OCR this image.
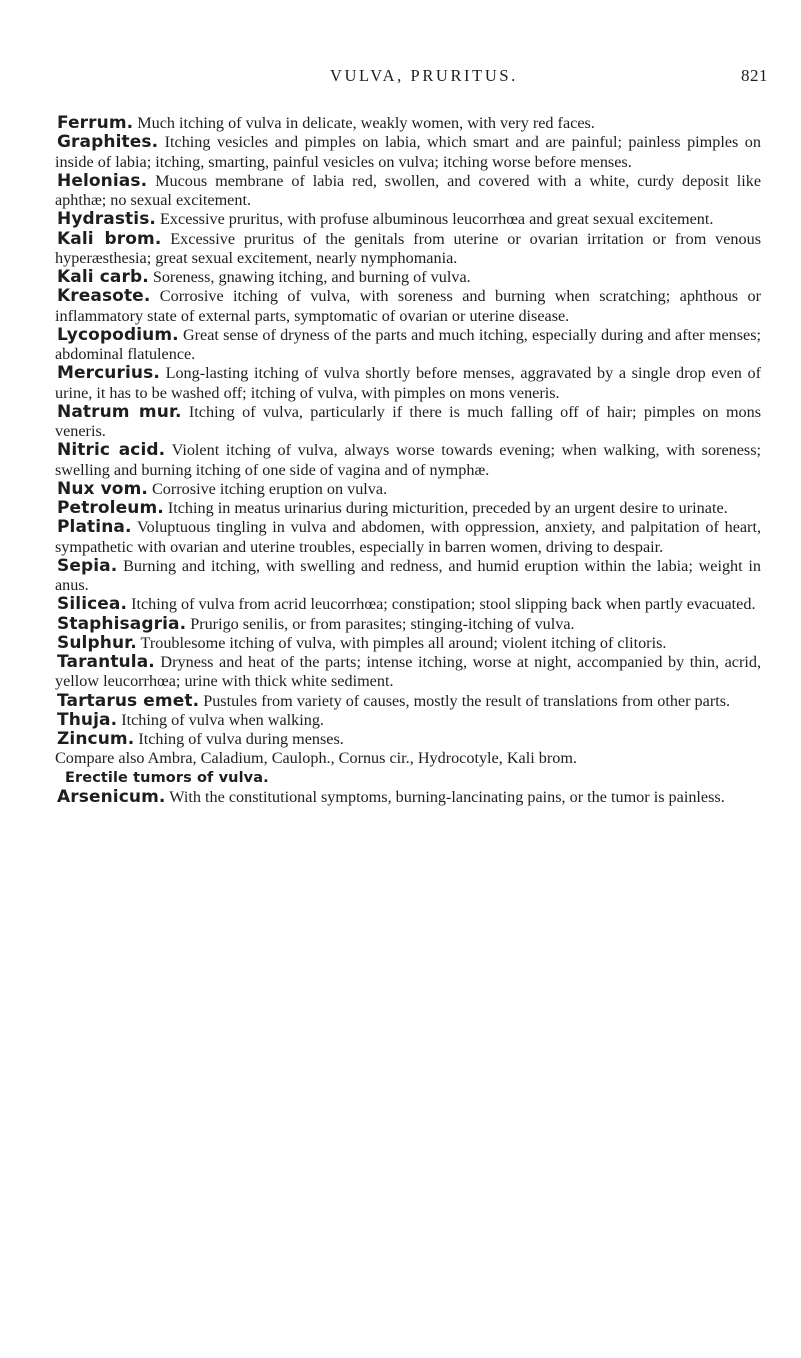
VULVA, PRURITUS.	821

Ferrum. Much itching of vulva in delicate, weakly women, with very red faces.

Graphites. Itching vesicles and pimples on labia, which smart and are painful; painless pimples on inside of labia; itching, smarting, painful vesicles on vulva; itching worse before menses.

Helonias. Mucous membrane of labia red, swollen, and covered with a white, curdy deposit like aphthæ; no sexual excitement.

Hydrastis. Excessive pruritus, with profuse albuminous leucorrhœa and great sexual excitement.

Kali brom. Excessive pruritus of the genitals from uterine or ovarian irritation or from venous hyperæsthesia; great sexual excitement, nearly nymphomania.

Kali carb. Soreness, gnawing itching, and burning of vulva.

Kreasote. Corrosive itching of vulva, with soreness and burning when scratching; aphthous or inflammatory state of external parts, symptomatic of ovarian or uterine disease.

Lycopodium. Great sense of dryness of the parts and much itching, especially during and after menses; abdominal flatulence.

Mercurius. Long-lasting itching of vulva shortly before menses, aggravated by a single drop even of urine, it has to be washed off; itching of vulva, with pimples on mons veneris.

Natrum mur. Itching of vulva, particularly if there is much falling off of hair; pimples on mons veneris.

Nitric acid. Violent itching of vulva, always worse towards evening; when walking, with soreness; swelling and burning itching of one side of vagina and of nymphæ.

Nux vom. Corrosive itching eruption on vulva.

Petroleum. Itching in meatus urinarius during micturition, preceded by an urgent desire to urinate.

Platina. Voluptuous tingling in vulva and abdomen, with oppression, anxiety, and palpitation of heart, sympathetic with ovarian and uterine troubles, especially in barren women, driving to despair.

Sepia. Burning and itching, with swelling and redness, and humid eruption within the labia; weight in anus.

Silicea. Itching of vulva from acrid leucorrhœa; constipation; stool slipping back when partly evacuated.

Staphisagria. Prurigo senilis, or from parasites; stinging-itching of vulva.

Sulphur. Troublesome itching of vulva, with pimples all around; violent itching of clitoris.

Tarantula. Dryness and heat of the parts; intense itching, worse at night, accompanied by thin, acrid, yellow leucorrhœa; urine with thick white sediment.

Tartarus emet. Pustules from variety of causes, mostly the result of translations from other parts.

Thuja. Itching of vulva when walking.

Zincum. Itching of vulva during menses.

Compare also Ambra, Caladium, Cauloph., Cornus cir., Hydrocotyle, Kali brom.

Erectile tumors of vulva.

Arsenicum. With the constitutional symptoms, burning-lancinating pains, or the tumor is painless.
